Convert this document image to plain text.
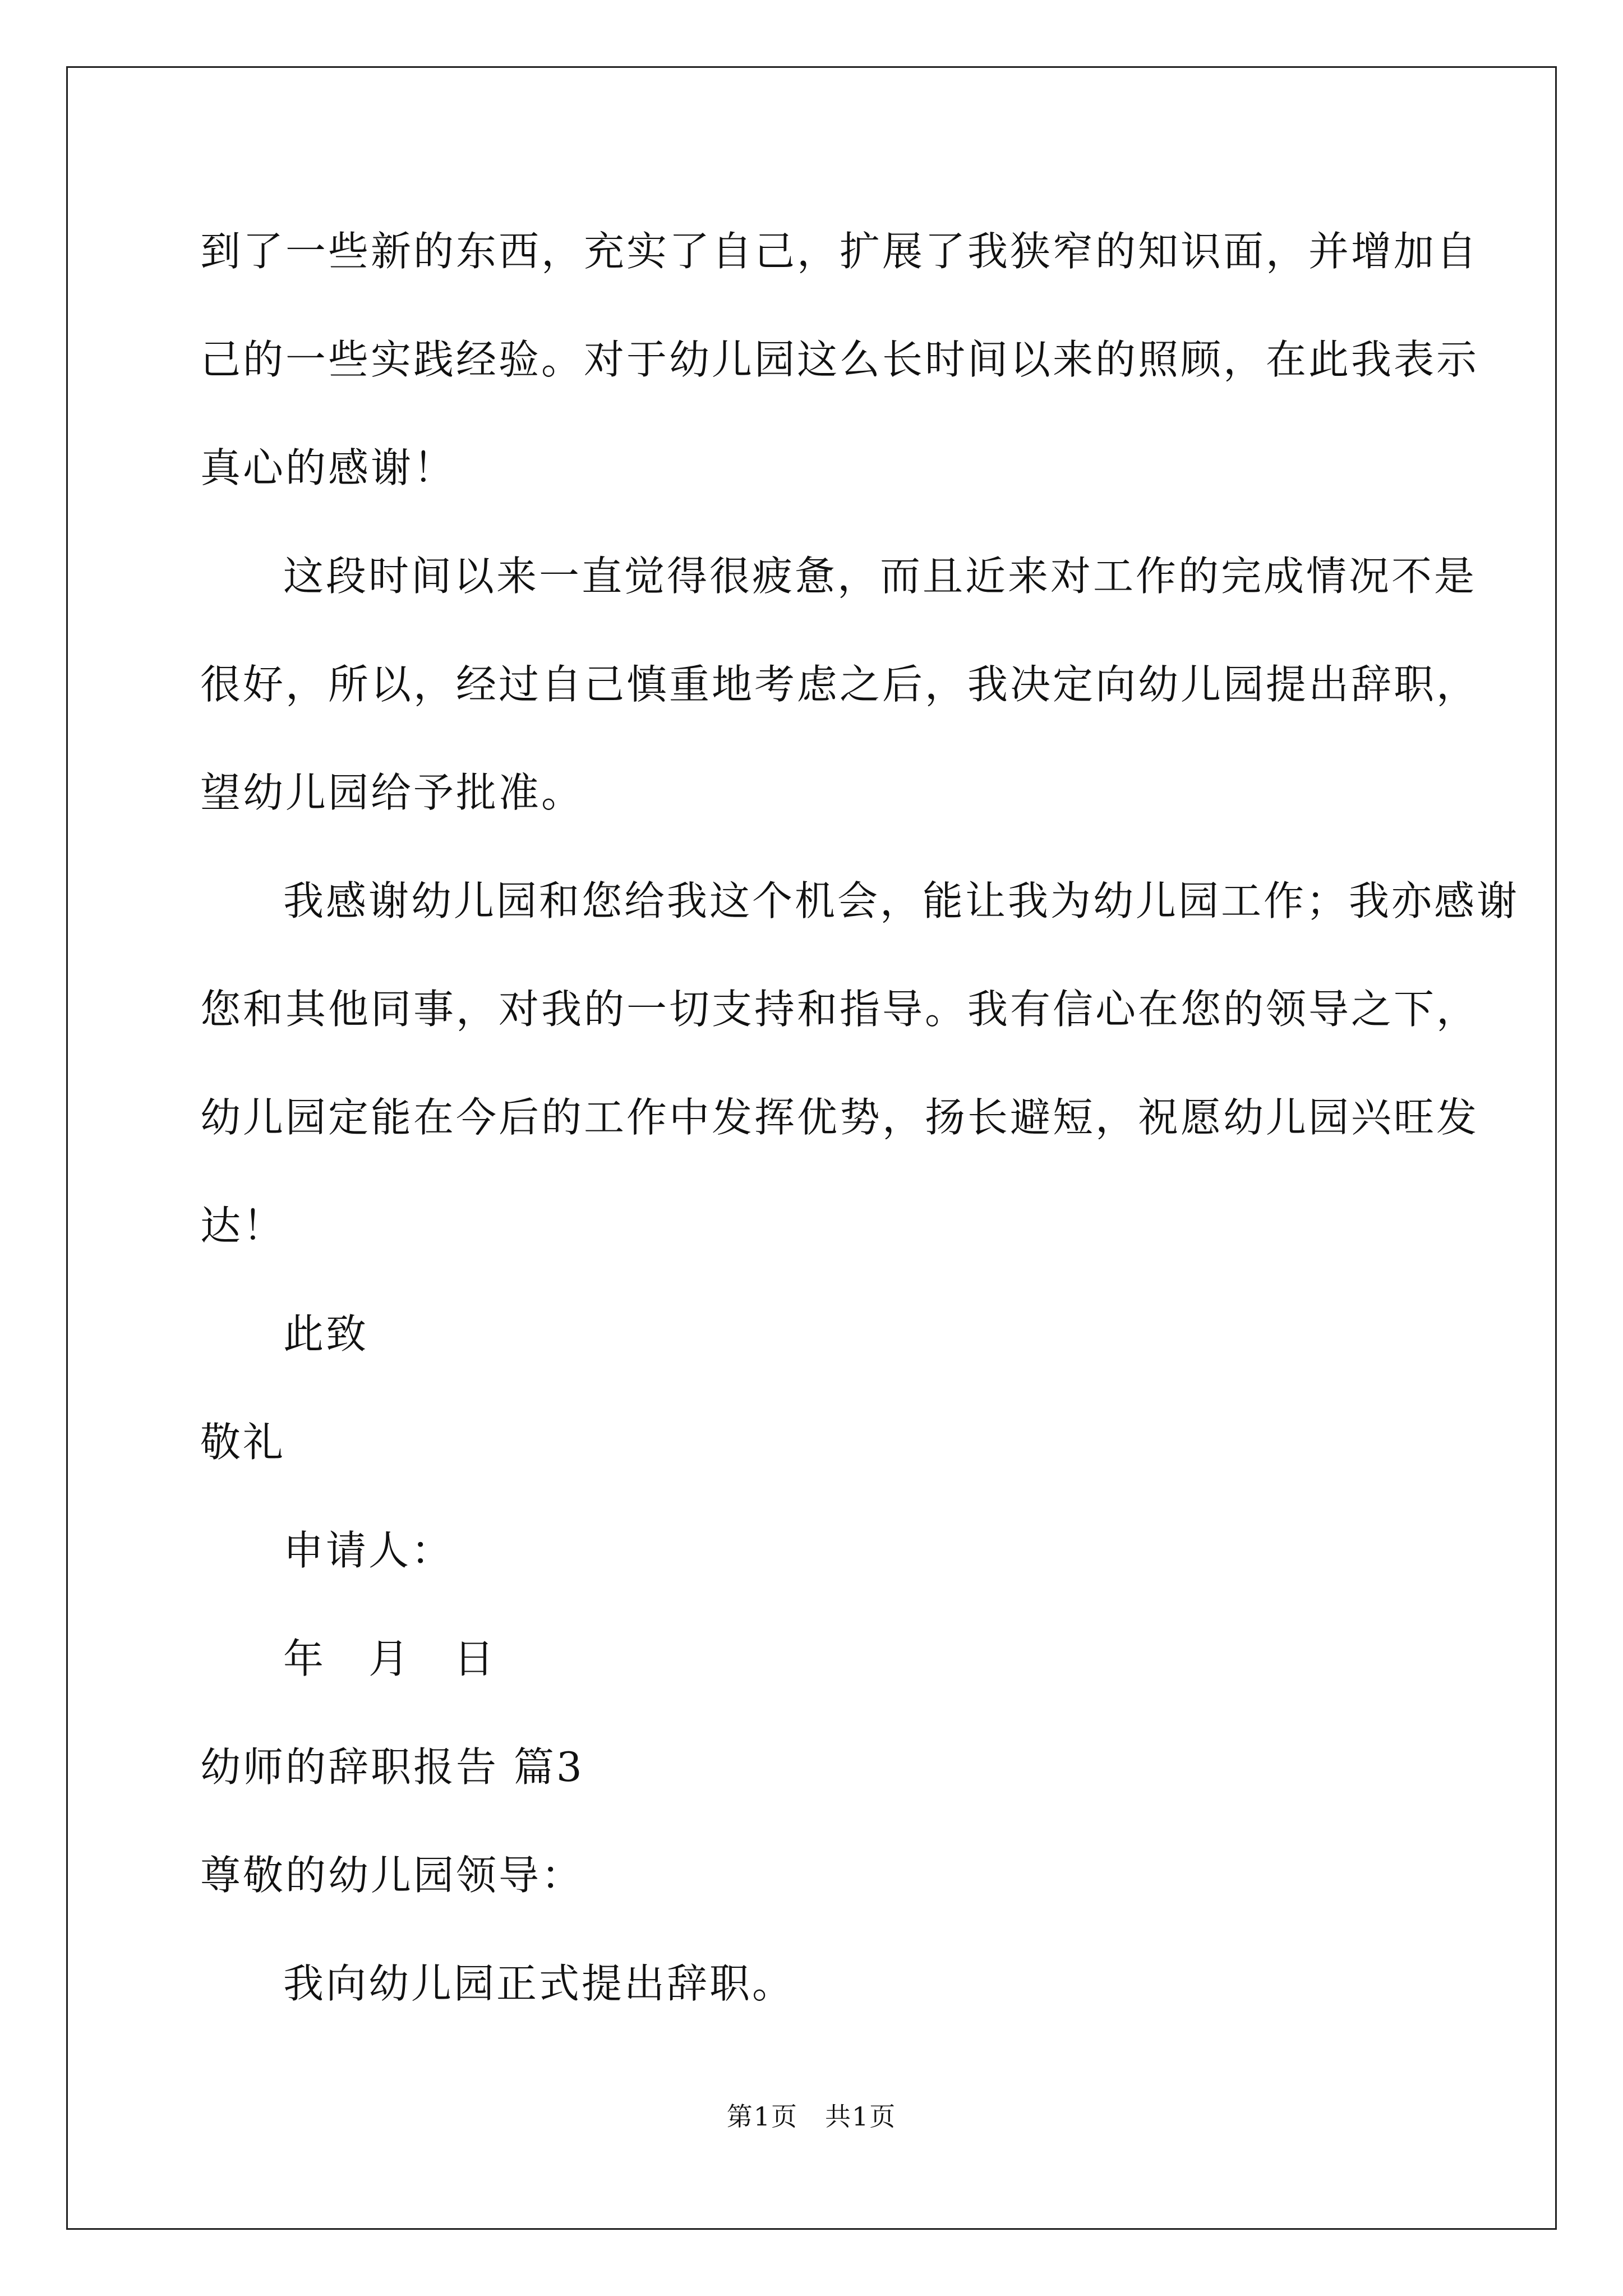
到了一些新的东西，充实了自己，扩展了我狭窄的知识面，并增加自
己的一些实践经验。对于幼儿园这么长时间以来的照顾，在此我表示
真心的感谢！
这段时间以来一直觉得很疲惫，而且近来对工作的完成情况不是
很好，所以，经过自己慎重地考虑之后，我决定向幼儿园提出辞职，
望幼儿园给予批准。
我感谢幼儿园和您给我这个机会，能让我为幼儿园工作；我亦感谢
您和其他同事，对我的一切支持和指导。我有信心在您的领导之下，
幼儿园定能在今后的工作中发挥优势，扬长避短，祝愿幼儿园兴旺发
达！
此致
敬礼
申请人：
年　月　日
幼师的辞职报告 篇3
尊敬的幼儿园领导：
我向幼儿园正式提出辞职。
第1页　共1页
